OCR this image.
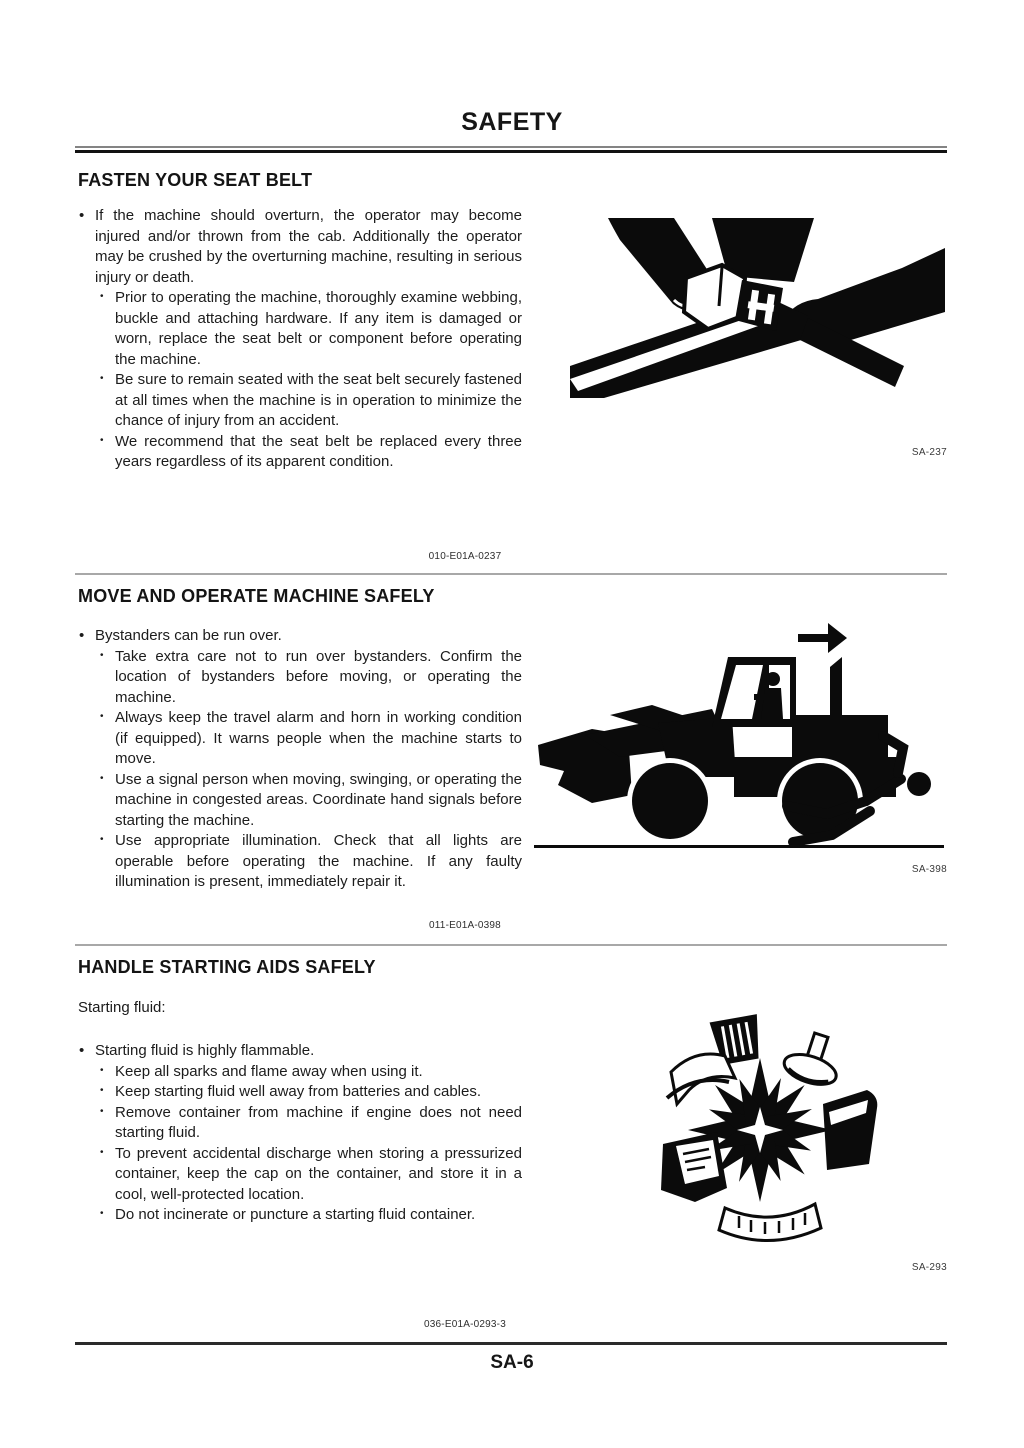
SAFETY
FASTEN YOUR SEAT BELT
• If the machine should overturn, the operator may become injured and/or thrown from the cab. Additionally the operator may be crushed by the overturning machine, resulting in serious injury or death.
• Prior to operating the machine, thoroughly examine webbing, buckle and attaching hardware. If any item is damaged or worn, replace the seat belt or component before operating the machine.
• Be sure to remain seated with the seat belt securely fastened at all times when the machine is in operation to minimize the chance of injury from an accident.
• We recommend that the seat belt be replaced every three years regardless of its apparent condition.
SA-237
010-E01A-0237
MOVE AND OPERATE MACHINE SAFELY
• Bystanders can be run over.
• Take extra care not to run over bystanders. Confirm the location of bystanders before moving, or operating the machine.
• Always keep the travel alarm and horn in working condition (if equipped). It warns people when the machine starts to move.
• Use a signal person when moving, swinging, or operating the machine in congested areas. Coordinate hand signals before starting the machine.
• Use appropriate illumination. Check that all lights are operable before operating the machine. If any faulty illumination is present, immediately repair it.
SA-398
011-E01A-0398
HANDLE STARTING AIDS SAFELY
Starting fluid:
• Starting fluid is highly flammable.
• Keep all sparks and flame away when using it.
• Keep starting fluid well away from batteries and cables.
• Remove container from machine if engine does not need starting fluid.
• To prevent accidental discharge when storing a pressurized container, keep the cap on the container, and store it in a cool, well-protected location.
• Do not incinerate or puncture a starting fluid container.
SA-293
036-E01A-0293-3
SA-6
